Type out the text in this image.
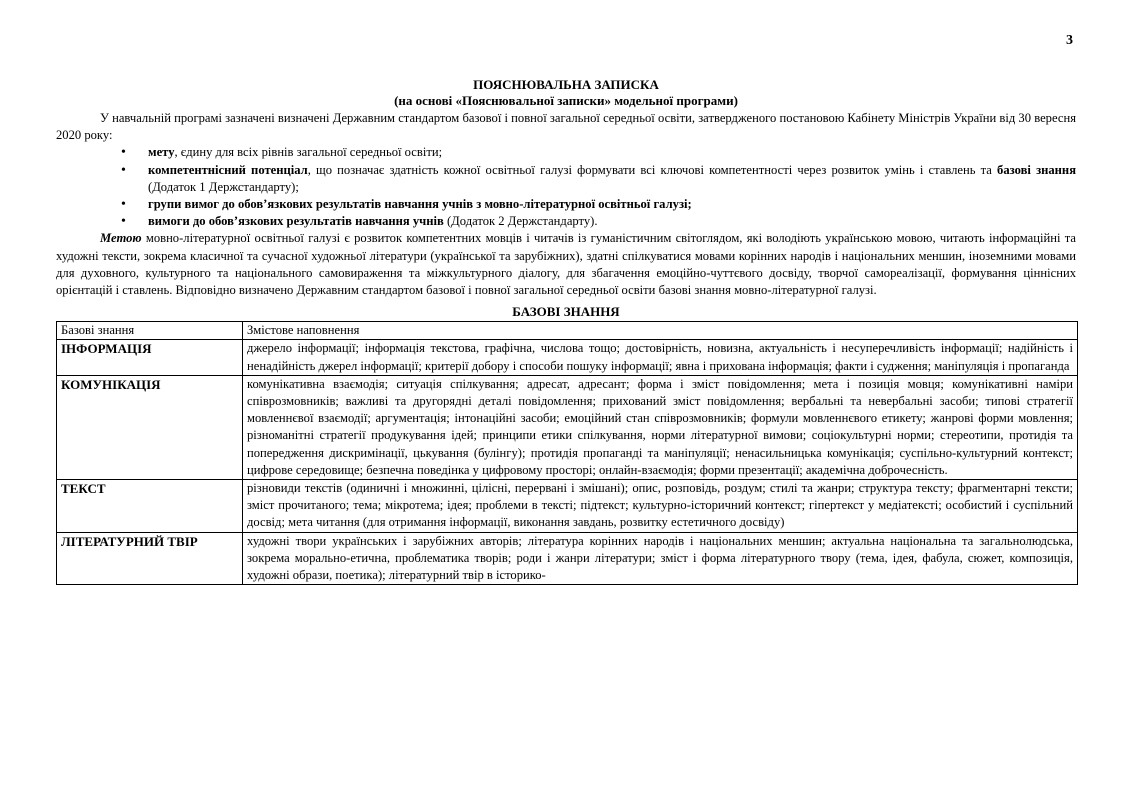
3
ПОЯСНЮВАЛЬНА ЗАПИСКА
(на основі «Пояснювальної записки» модельної програми)

У навчальній програмі зазначені визначені Державним стандартом базової і повної загальної середньої освіти, затвердженого постановою Кабінету Міністрів України від 30 вересня 2020 року:

• мету, єдину для всіх рівнів загальної середньої освіти;
• компетентнісний потенціал, що позначає здатність кожної освітньої галузі формувати всі ключові компетентності через розвиток умінь і ставлень та базові знання (Додаток 1 Держстандарту);
• групи вимог до обов’язкових результатів навчання учнів з мовно-літературної освітньої галузі;
• вимоги до обов’язкових результатів навчання учнів (Додаток 2 Держстандарту).

Метою мовно-літературної освітньої галузі є розвиток компетентних мовців і читачів із гуманістичним світоглядом, які володіють українською мовою, читають інформаційні та художні тексти, зокрема класичної та сучасної художньої літератури (української та зарубіжних), здатні спілкуватися мовами корінних народів і національних меншин, іноземними мовами для духовного, культурного та національного самовираження та міжкультурного діалогу, для збагачення емоційно-чуттєвого досвіду, творчої самореалізації, формування ціннісних орієнтацій і ставлень. Відповідно визначено Державним стандартом базової і повної загальної середньої освіти базові знання мовно-літературної галузі.

БАЗОВІ ЗНАННЯ
Базові знання	Змістове наповнення
ІНФОРМАЦІЯ	джерело інформації; інформація текстова, графічна, числова тощо; достовірність, новизна, актуальність і несуперечливість інформації; надійність і ненадійність джерел інформації; критерії добору і способи пошуку інформації; явна і прихована інформація; факти і судження; маніпуляція і пропаганда
КОМУНІКАЦІЯ	комунікативна взаємодія; ситуація спілкування; адресат, адресант; форма і зміст повідомлення; мета і позиція мовця; комунікативні наміри співрозмовників; важливі та другорядні деталі повідомлення; прихований зміст повідомлення; вербальні та невербальні засоби; типові стратегії мовленнєвої взаємодії; аргументація; інтонаційні засоби; емоційний стан співрозмовників; формули мовленнєвого етикету; жанрові форми мовлення; різноманітні стратегії продукування ідей; принципи етики спілкування, норми літературної вимови; соціокультурні норми; стереотипи, протидія та попередження дискримінації, цькування (булінгу); протидія пропаганді та маніпуляції; ненасильницька комунікація; суспільно-культурний контекст; цифрове середовище; безпечна поведінка у цифровому просторі; онлайн-взаємодія; форми презентації; академічна доброчесність.
ТЕКСТ	різновиди текстів (одиничні і множинні, цілісні, перервані і змішані); опис, розповідь, роздум; стилі та жанри; структура тексту; фрагментарні тексти; зміст прочитаного; тема; мікротема; ідея; проблеми в тексті; підтекст; культурно-історичний контекст; гіпертекст у медіатексті; особистий і суспільний досвід; мета читання (для отримання інформації, виконання завдань, розвитку естетичного досвіду)
ЛІТЕРАТУРНИЙ ТВІР	художні твори українських і зарубіжних авторів; література корінних народів і національних меншин; актуальна національна та загальнолюдська, зокрема морально-етична, проблематика творів; роди і жанри літератури; зміст і форма літературного твору (тема, ідея, фабула, сюжет, композиція, художні образи, поетика); літературний твір в історико-
